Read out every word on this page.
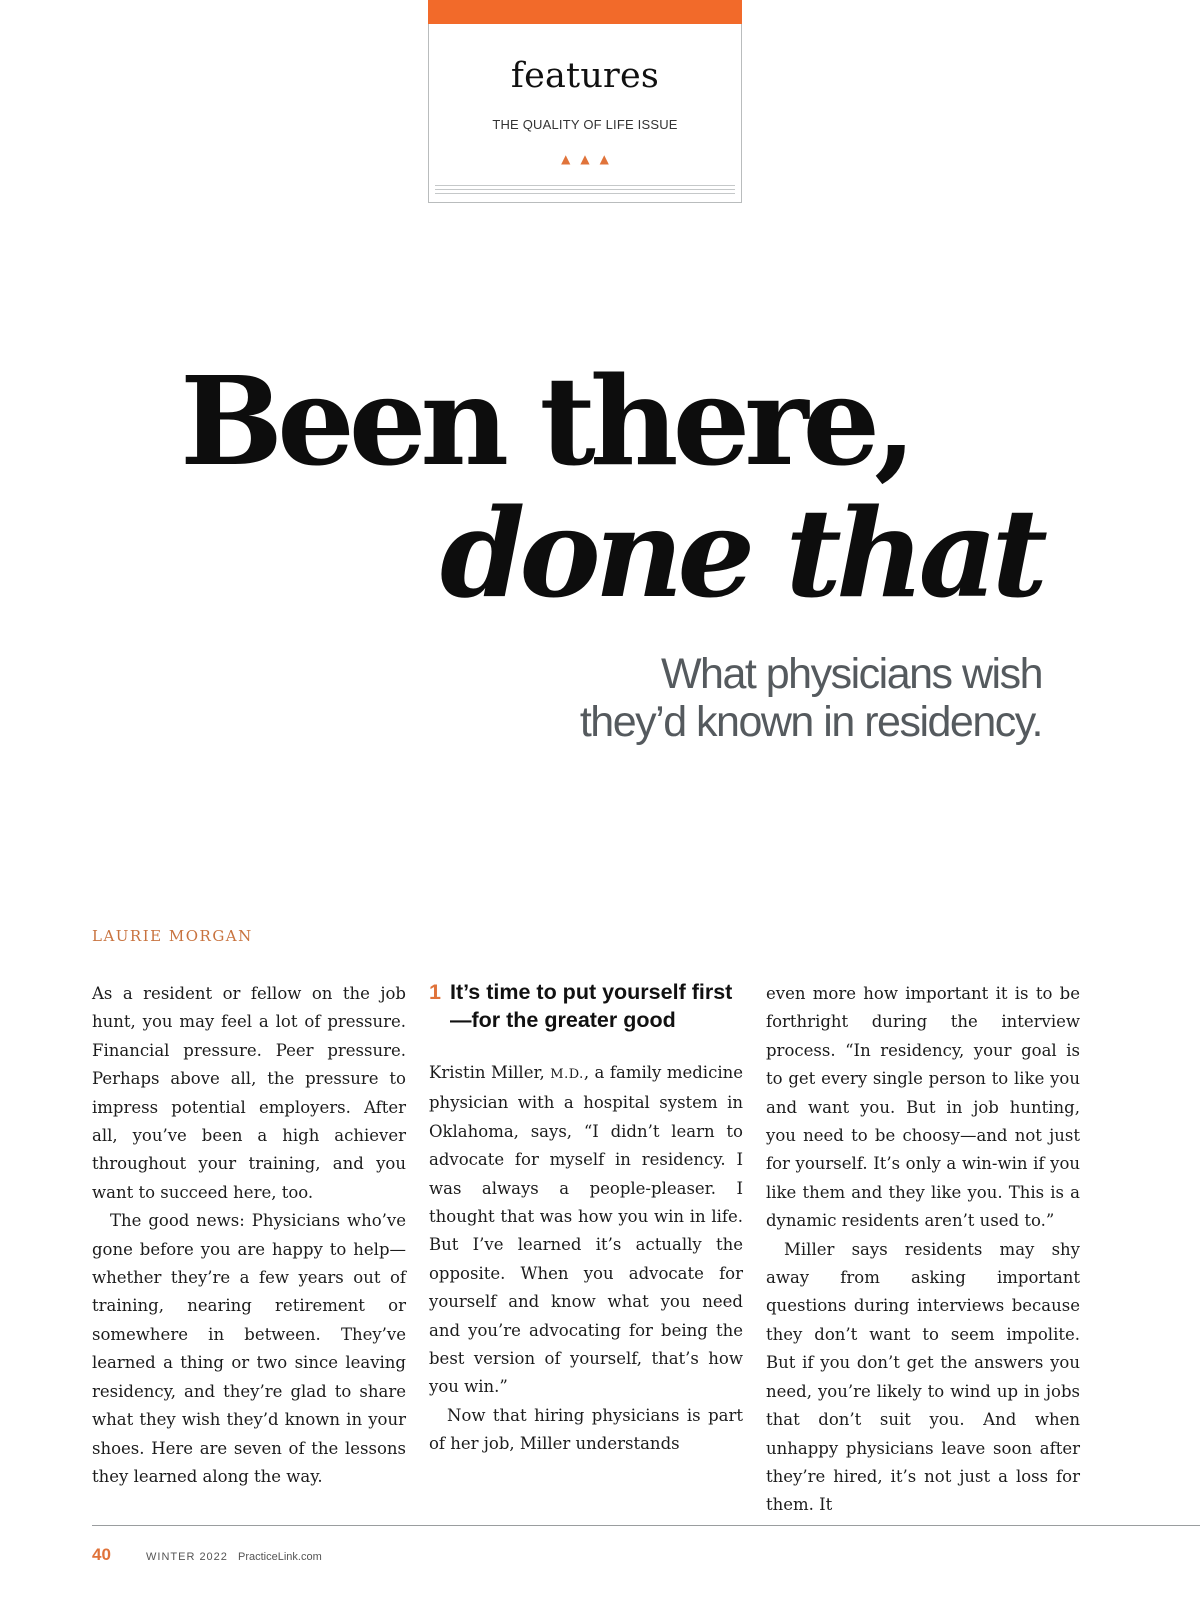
features
THE QUALITY OF LIFE ISSUE
▲▲▲
Been there,
done that
What physicians wish
they’d known in residency.
LAURIE MORGAN

As a resident or fellow on the job hunt, you may feel a lot of pressure. Financial pressure. Peer pressure. Perhaps above all, the pressure to impress potential employers. After all, you’ve been a high achiever throughout your training, and you want to succeed here, too.

The good news: Physicians who’ve gone before you are happy to help—whether they’re a few years out of training, nearing retirement or somewhere in between. They’ve learned a thing or two since leaving residency, and they’re glad to share what they wish they’d known in your shoes. Here are seven of the lessons they learned along the way.

1 It’s time to put yourself first—for the greater good

Kristin Miller, M.D., a family medicine physician with a hospital system in Oklahoma, says, “I didn’t learn to advocate for myself in residency. I was always a people-pleaser. I thought that was how you win in life. But I’ve learned it’s actually the opposite. When you advocate for yourself and know what you need and you’re advocating for being the best version of yourself, that’s how you win.”

Now that hiring physicians is part of her job, Miller understands

even more how important it is to be forthright during the interview process. “In residency, your goal is to get every single person to like you and want you. But in job hunting, you need to be choosy—and not just for yourself. It’s only a win-win if you like them and they like you. This is a dynamic residents aren’t used to.”

Miller says residents may shy away from asking important questions during interviews because they don’t want to seem impolite. But if you don’t get the answers you need, you’re likely to wind up in jobs that don’t suit you. And when unhappy physicians leave soon after they’re hired, it’s not just a loss for them. It

40	WINTER 2022 PracticeLink.com
